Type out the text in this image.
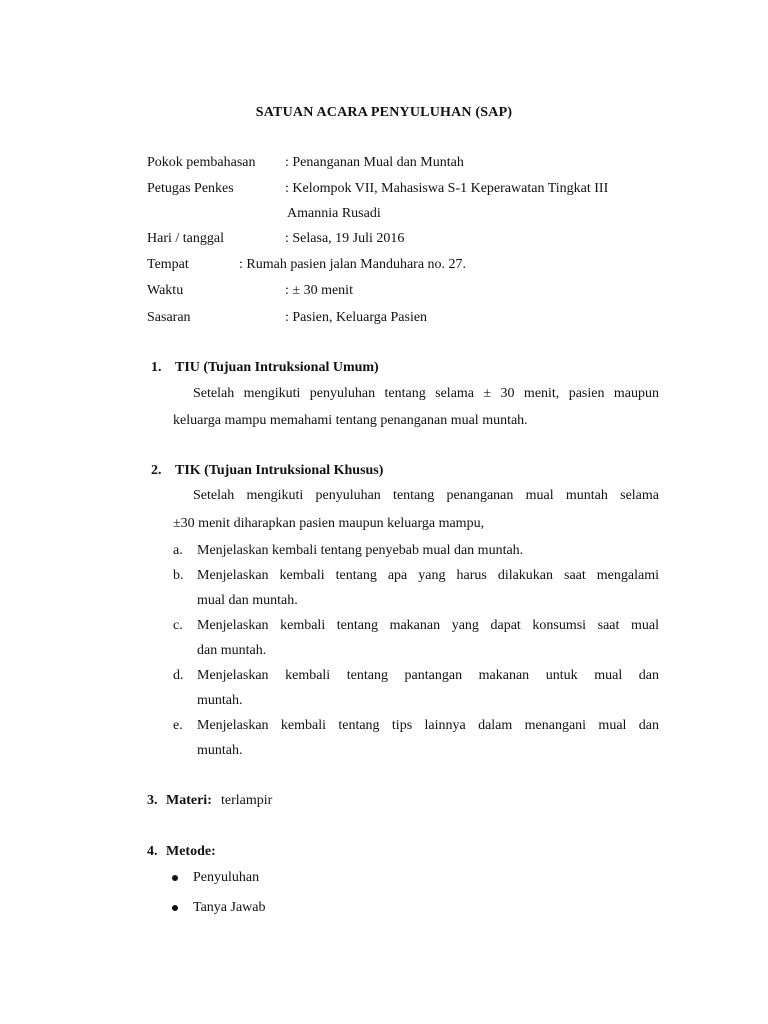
SATUAN ACARA PENYULUHAN (SAP)
Pokok pembahasan : Penanganan Mual dan Muntah
Petugas Penkes	: Kelompok VII, Mahasiswa S-1 Keperawatan Tingkat III
Amannia Rusadi
Hari / tanggal	: Selasa, 19 Juli 2016
Tempat	: Rumah pasien jalan Manduhara no. 27.
Waktu	: ± 30 menit
Sasaran	: Pasien, Keluarga Pasien
1. TIU (Tujuan Intruksional Umum)
Setelah mengikuti penyuluhan tentang selama ± 30 menit, pasien maupun
keluarga mampu memahami tentang penanganan mual muntah.
2. TIK (Tujuan Intruksional Khusus)
Setelah mengikuti penyuluhan tentang penanganan mual muntah selama
±30 menit diharapkan pasien maupun keluarga mampu,
a. Menjelaskan kembali tentang penyebab mual dan muntah.
b. Menjelaskan kembali tentang apa yang harus dilakukan saat mengalami
mual dan muntah.
c. Menjelaskan kembali tentang makanan yang dapat konsumsi saat mual
dan muntah.
d. Menjelaskan kembali tentang pantangan makanan untuk mual dan
muntah.
e. Menjelaskan kembali tentang tips lainnya dalam menangani mual dan
muntah.
3. Materi: terlampir
4. Metode:
Penyuluhan
Tanya Jawab
